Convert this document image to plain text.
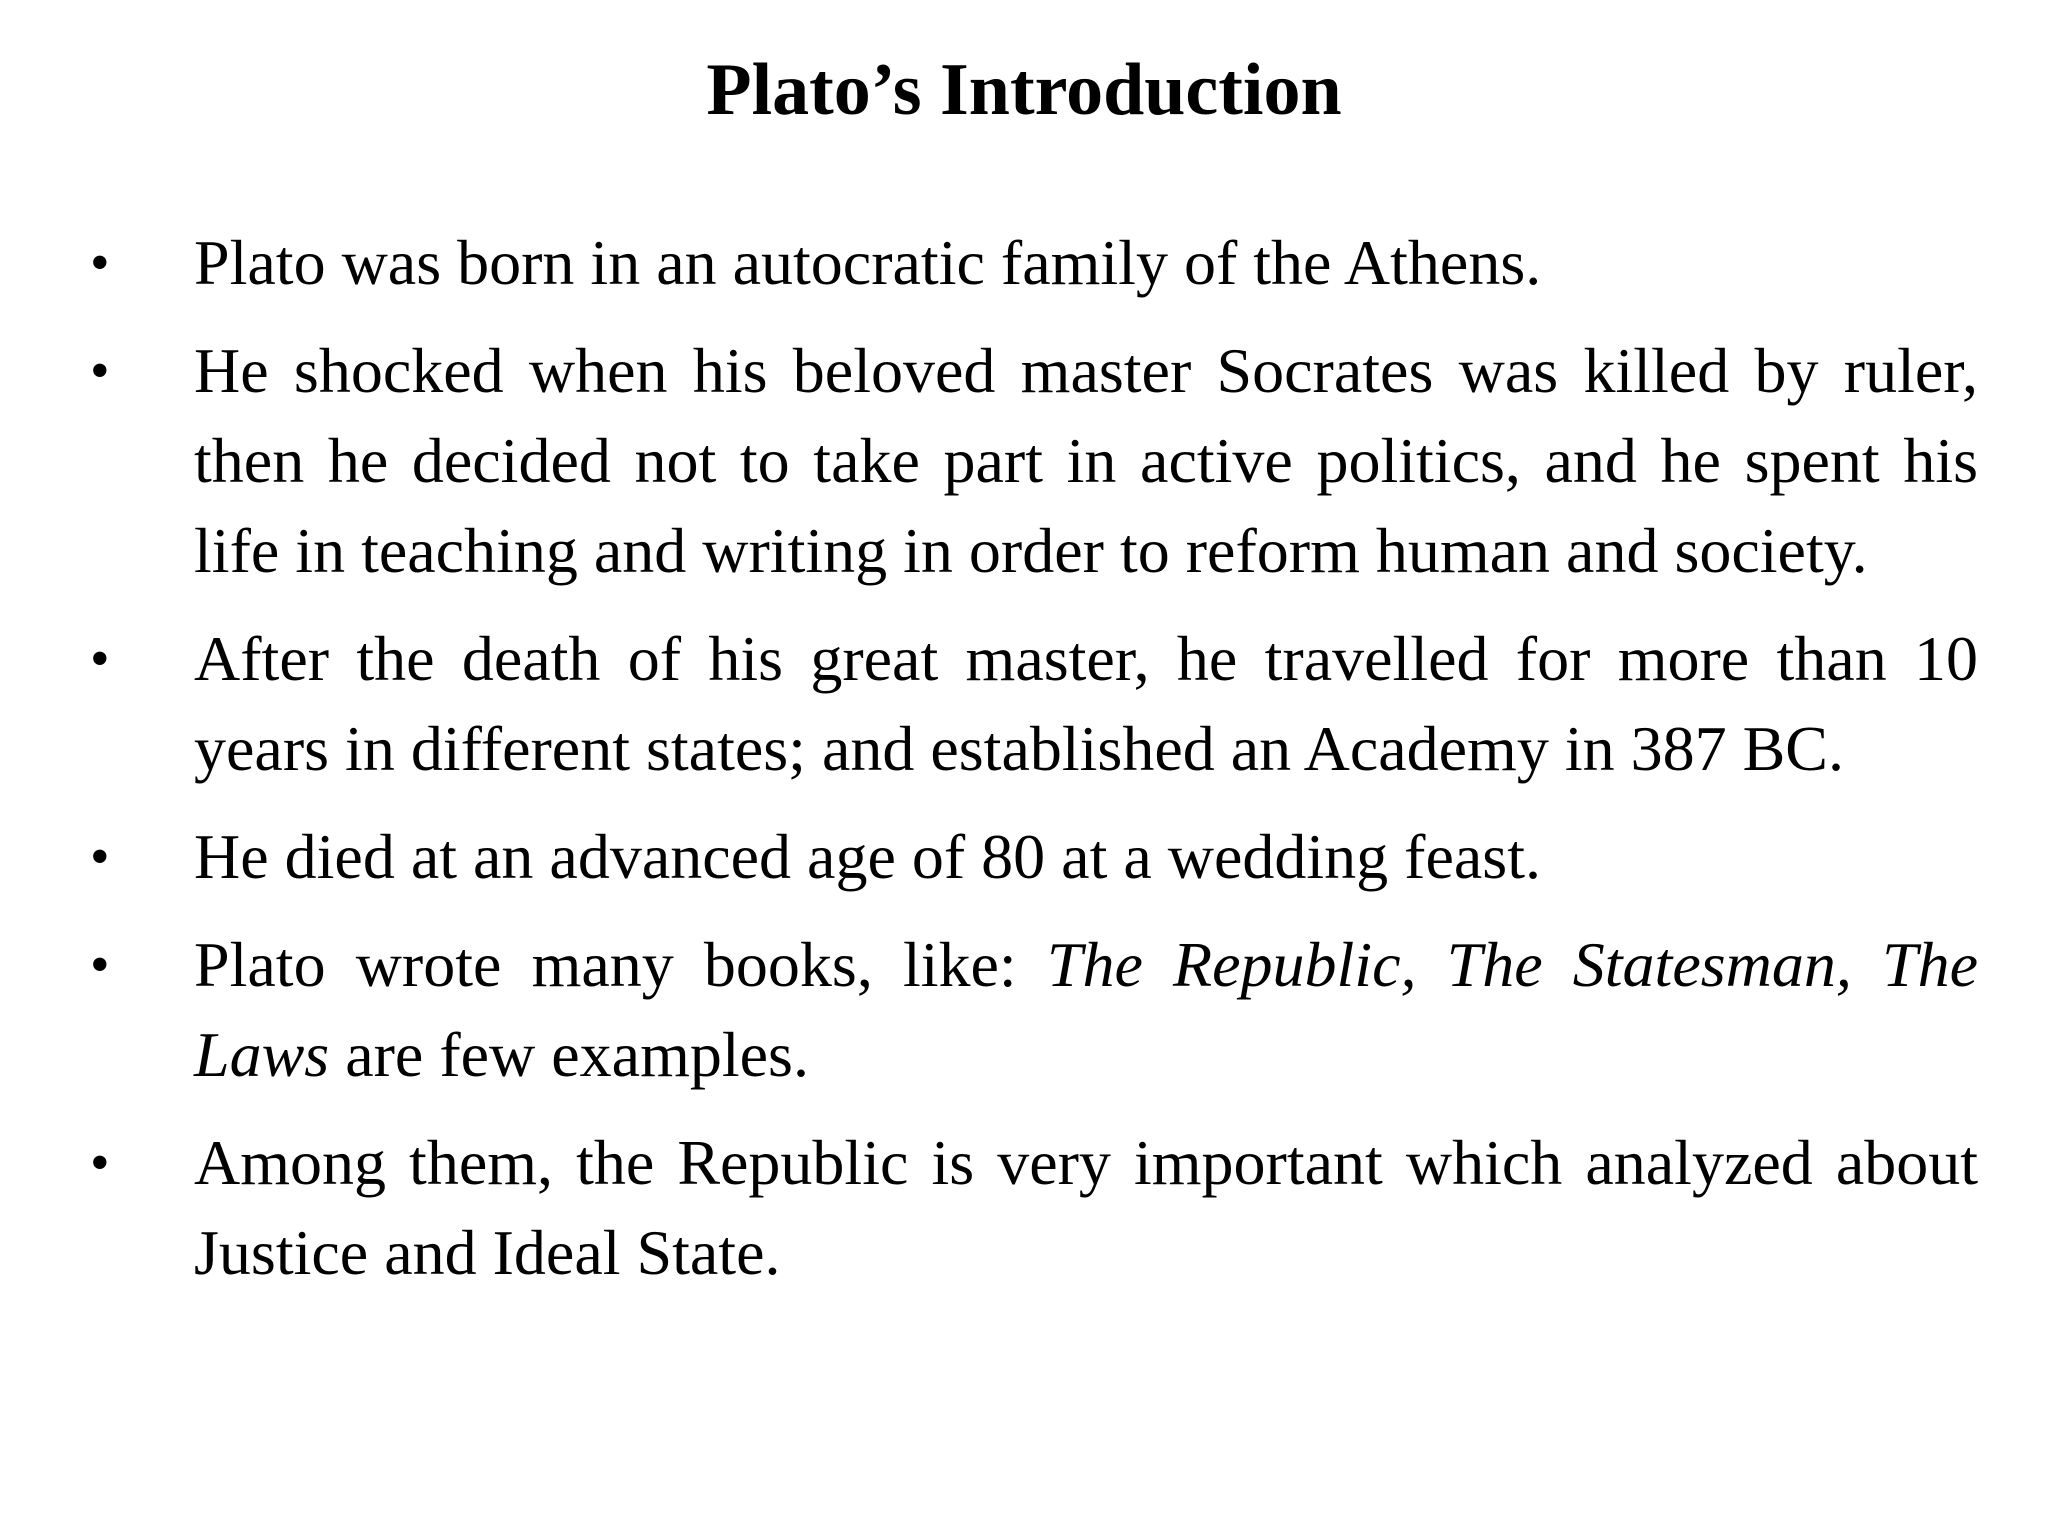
Plato’s Introduction
•	Plato was born in an autocratic family of the Athens.
•	He shocked when his beloved master Socrates was killed by ruler, then he decided not to take part in active politics, and he spent his life in teaching and writing in order to reform human and society.
•	After the death of his great master, he travelled for more than 10 years in different states; and established an Academy in 387 BC.
•	He died at an advanced age of 80 at a wedding feast.
•	Plato wrote many books, like: The Republic, The Statesman, The Laws are few examples.
•	Among them, the Republic is very important which analyzed about Justice and Ideal State.
